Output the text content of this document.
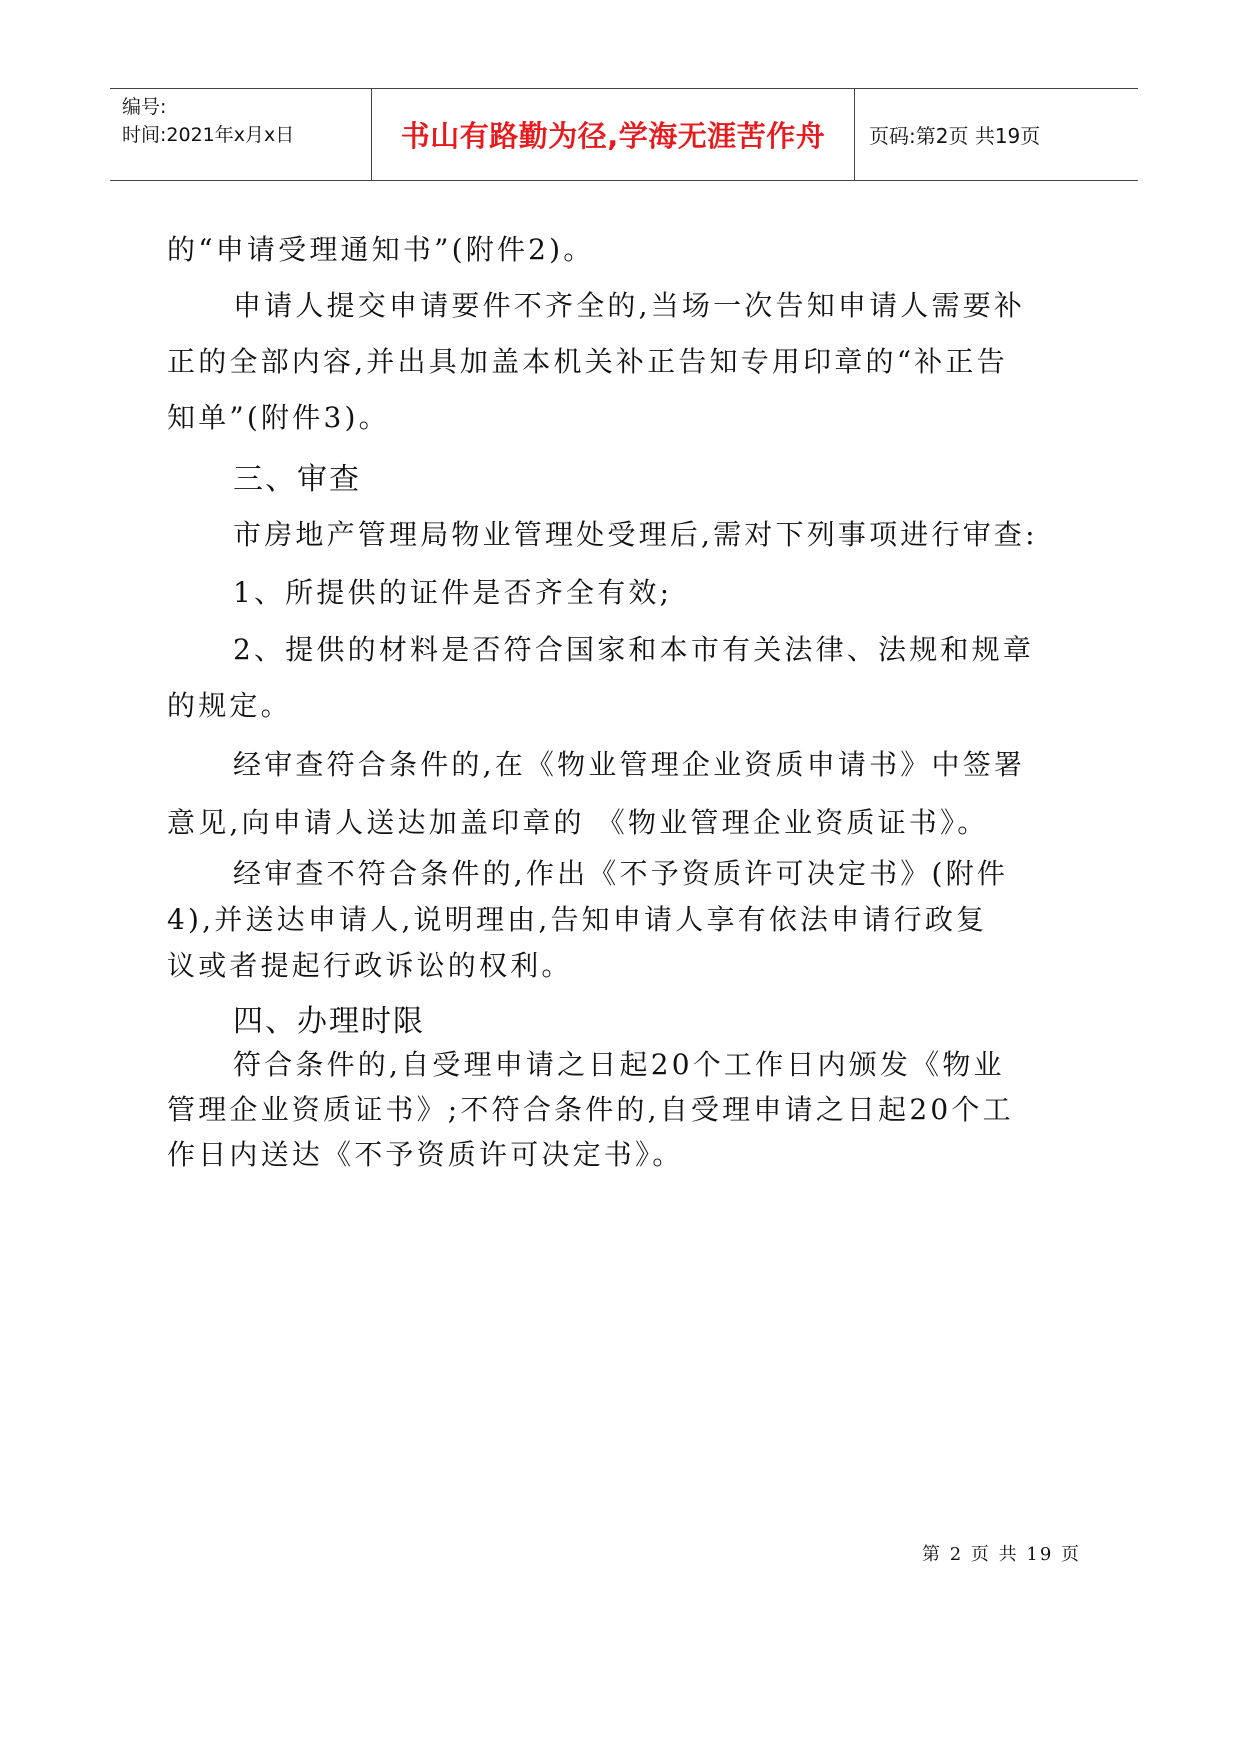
编号:
时间:2021年x月x日	书山有路勤为径,学海无涯苦作舟 页码:第2页 共19页

的“申请受理通知书”(附件2)。

申请人提交申请要件不齐全的,当场一次告知申请人需要补

正的全部内容,并出具加盖本机关补正告知专用印章的“补正告

知单”(附件3)。

三、审查

市房地产管理局物业管理处受理后,需对下列事项进行审查:

1、所提供的证件是否齐全有效;

2、提供的材料是否符合国家和本市有关法律、法规和规章

的规定。

经审查符合条件的,在《物业管理企业资质申请书》中签署

意见,向申请人送达加盖印章的 《物业管理企业资质证书》。

经审查不符合条件的,作出《不予资质许可决定书》(附件

4),并送达申请人,说明理由,告知申请人享有依法申请行政复

议或者提起行政诉讼的权利。

四、办理时限

符合条件的,自受理申请之日起20个工作日内颁发《物业

管理企业资质证书》;不符合条件的,自受理申请之日起20个工

作日内送达《不予资质许可决定书》。

第 2 页 共 19 页
